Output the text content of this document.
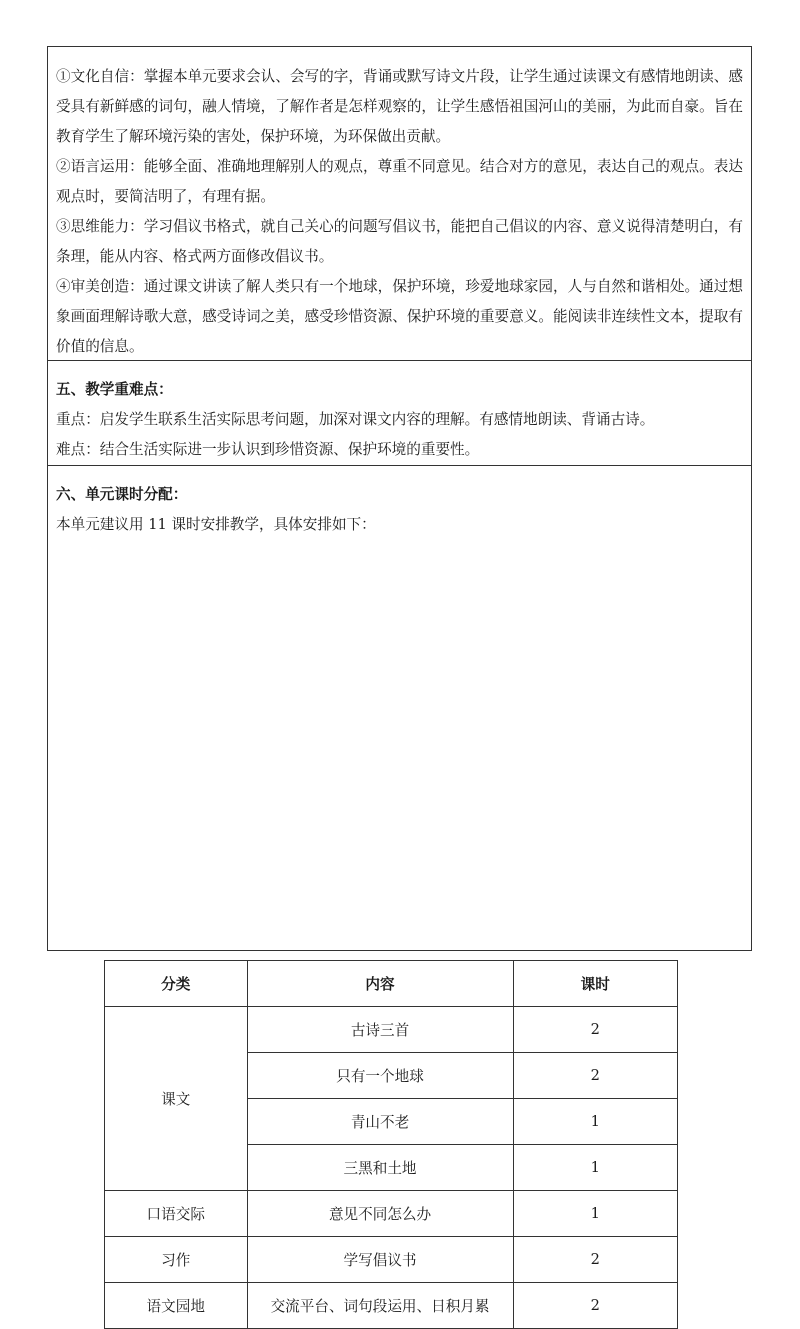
①文化自信：掌握本单元要求会认、会写的字，背诵或默写诗文片段，让学生通过读课文有感情地朗读、感受具有新鲜感的词句，融人情境，了解作者是怎样观察的，让学生感悟祖国河山的美丽，为此而自豪。旨在教育学生了解环境污染的害处，保护环境，为环保做出贡献。

②语言运用：能够全面、准确地理解别人的观点，尊重不同意见。结合对方的意见，表达自己的观点。表达观点时，要简洁明了，有理有据。

③思维能力：学习倡议书格式，就自己关心的问题写倡议书，能把自己倡议的内容、意义说得清楚明白，有条理，能从内容、格式两方面修改倡议书。

④审美创造：通过课文讲读了解人类只有一个地球，保护环境，珍爱地球家园，人与自然和谐相处。通过想象画面理解诗歌大意，感受诗词之美，感受珍惜资源、保护环境的重要意义。能阅读非连续性文本，提取有价值的信息。

五、教学重难点：

重点：启发学生联系生活实际思考问题，加深对课文内容的理解。有感情地朗读、背诵古诗。

难点：结合生活实际进一步认识到珍惜资源、保护环境的重要性。

六、单元课时分配：

本单元建议用 11 课时安排教学，具体安排如下：

分类	内容	课时
课文	古诗三首	2
	只有一个地球	2
	青山不老	1
	三黑和土地	1
口语交际	意见不同怎么办	1
习作	学写倡议书	2
语文园地	交流平台、词句段运用、日积月累	2
